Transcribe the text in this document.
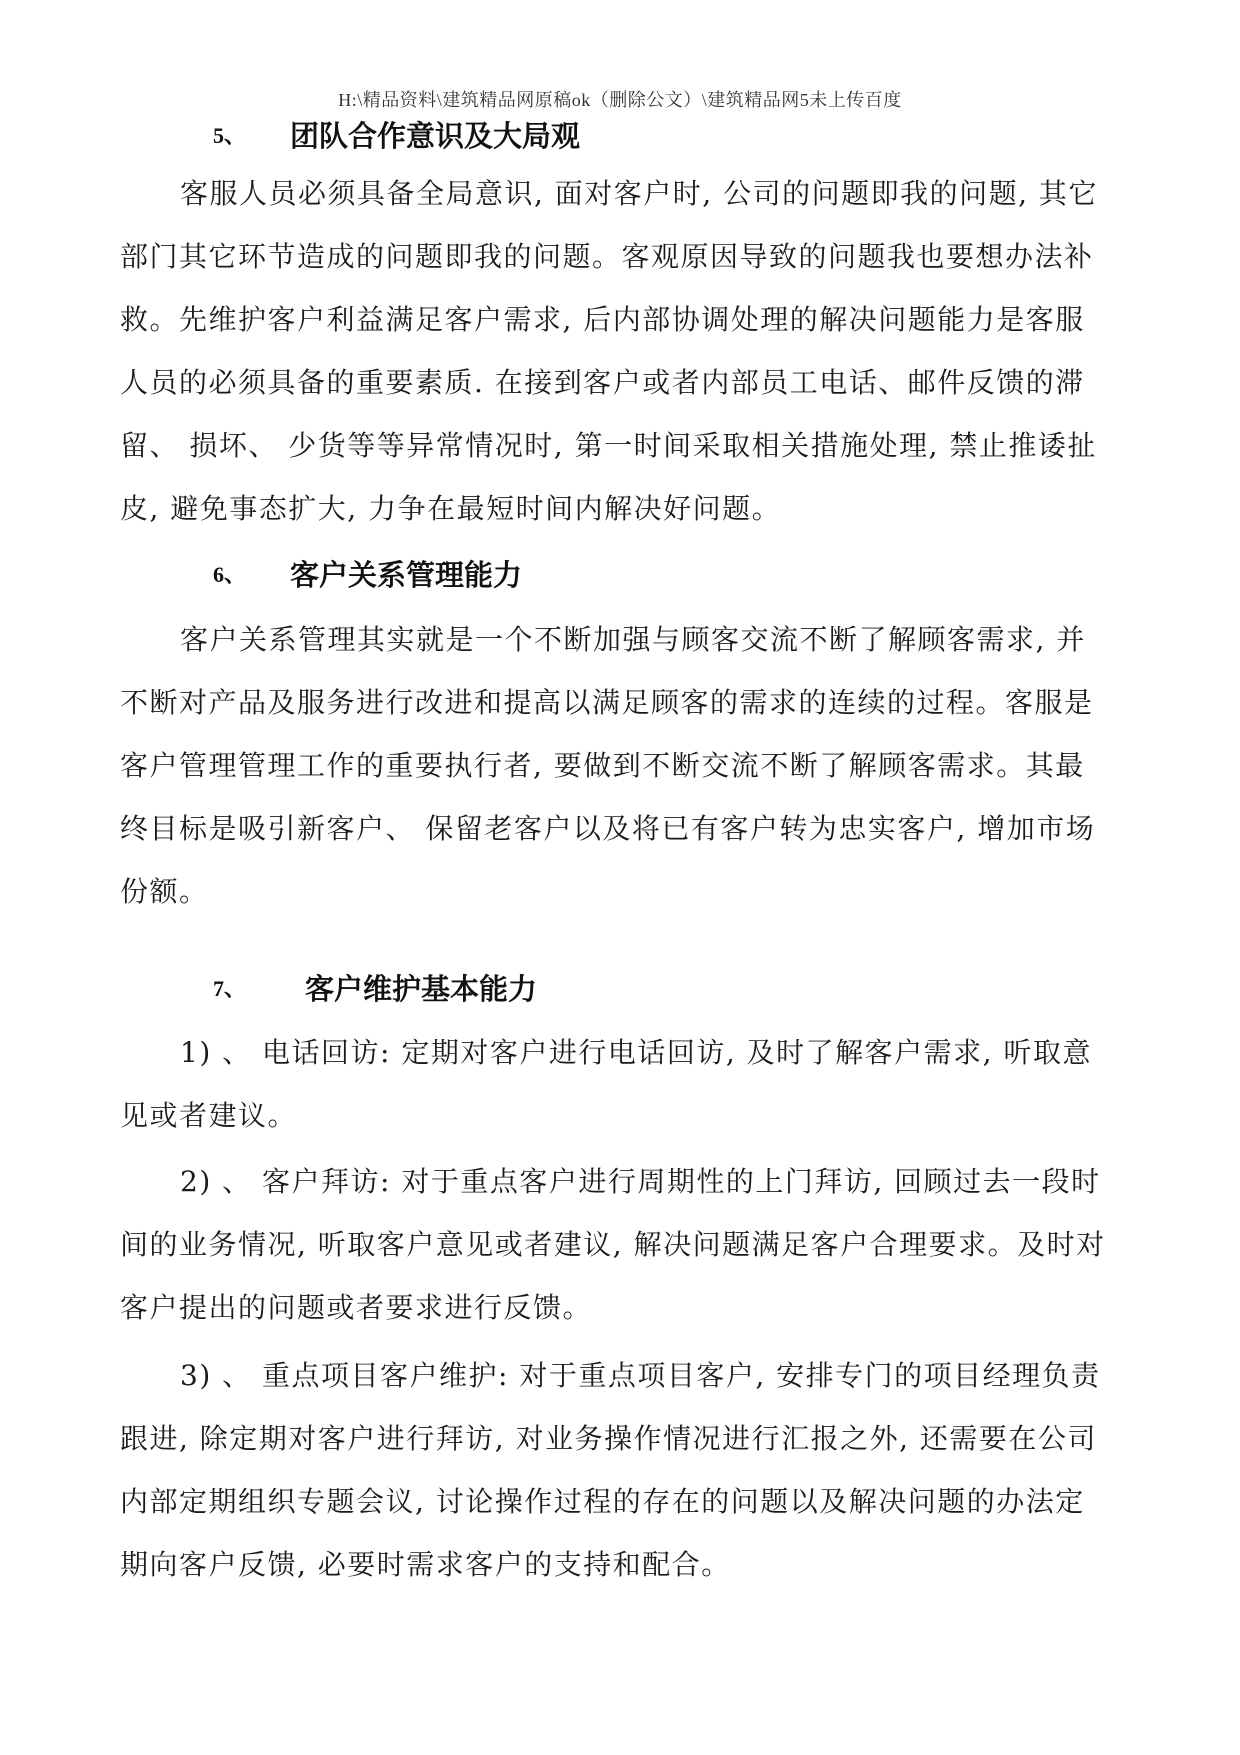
H:\精品资料\建筑精品网原稿ok（删除公文）\建筑精品网5未上传百度
5、 团队合作意识及大局观
客服人员必须具备全局意识, 面对客户时, 公司的问题即我的问题, 其它
部门其它环节造成的问题即我的问题。客观原因导致的问题我也要想办法补
救。先维护客户利益满足客户需求, 后内部协调处理的解决问题能力是客服
人员的必须具备的重要素质. 在接到客户或者内部员工电话、邮件反馈的滞
留、 损坏、 少货等等异常情况时, 第一时间采取相关措施处理, 禁止推诿扯
皮, 避免事态扩大, 力争在最短时间内解决好问题。
6、 客户关系管理能力
客户关系管理其实就是一个不断加强与顾客交流不断了解顾客需求, 并
不断对产品及服务进行改进和提高以满足顾客的需求的连续的过程。客服是
客户管理管理工作的重要执行者, 要做到不断交流不断了解顾客需求。其最
终目标是吸引新客户、 保留老客户以及将已有客户转为忠实客户, 增加市场
份额。
7、 客户维护基本能力
1) 、 电话回访: 定期对客户进行电话回访, 及时了解客户需求, 听取意
见或者建议。
2) 、 客户拜访: 对于重点客户进行周期性的上门拜访, 回顾过去一段时
间的业务情况, 听取客户意见或者建议, 解决问题满足客户合理要求。及时对
客户提出的问题或者要求进行反馈。
3) 、 重点项目客户维护: 对于重点项目客户, 安排专门的项目经理负责
跟进, 除定期对客户进行拜访, 对业务操作情况进行汇报之外, 还需要在公司
内部定期组织专题会议, 讨论操作过程的存在的问题以及解决问题的办法定
期向客户反馈, 必要时需求客户的支持和配合。
